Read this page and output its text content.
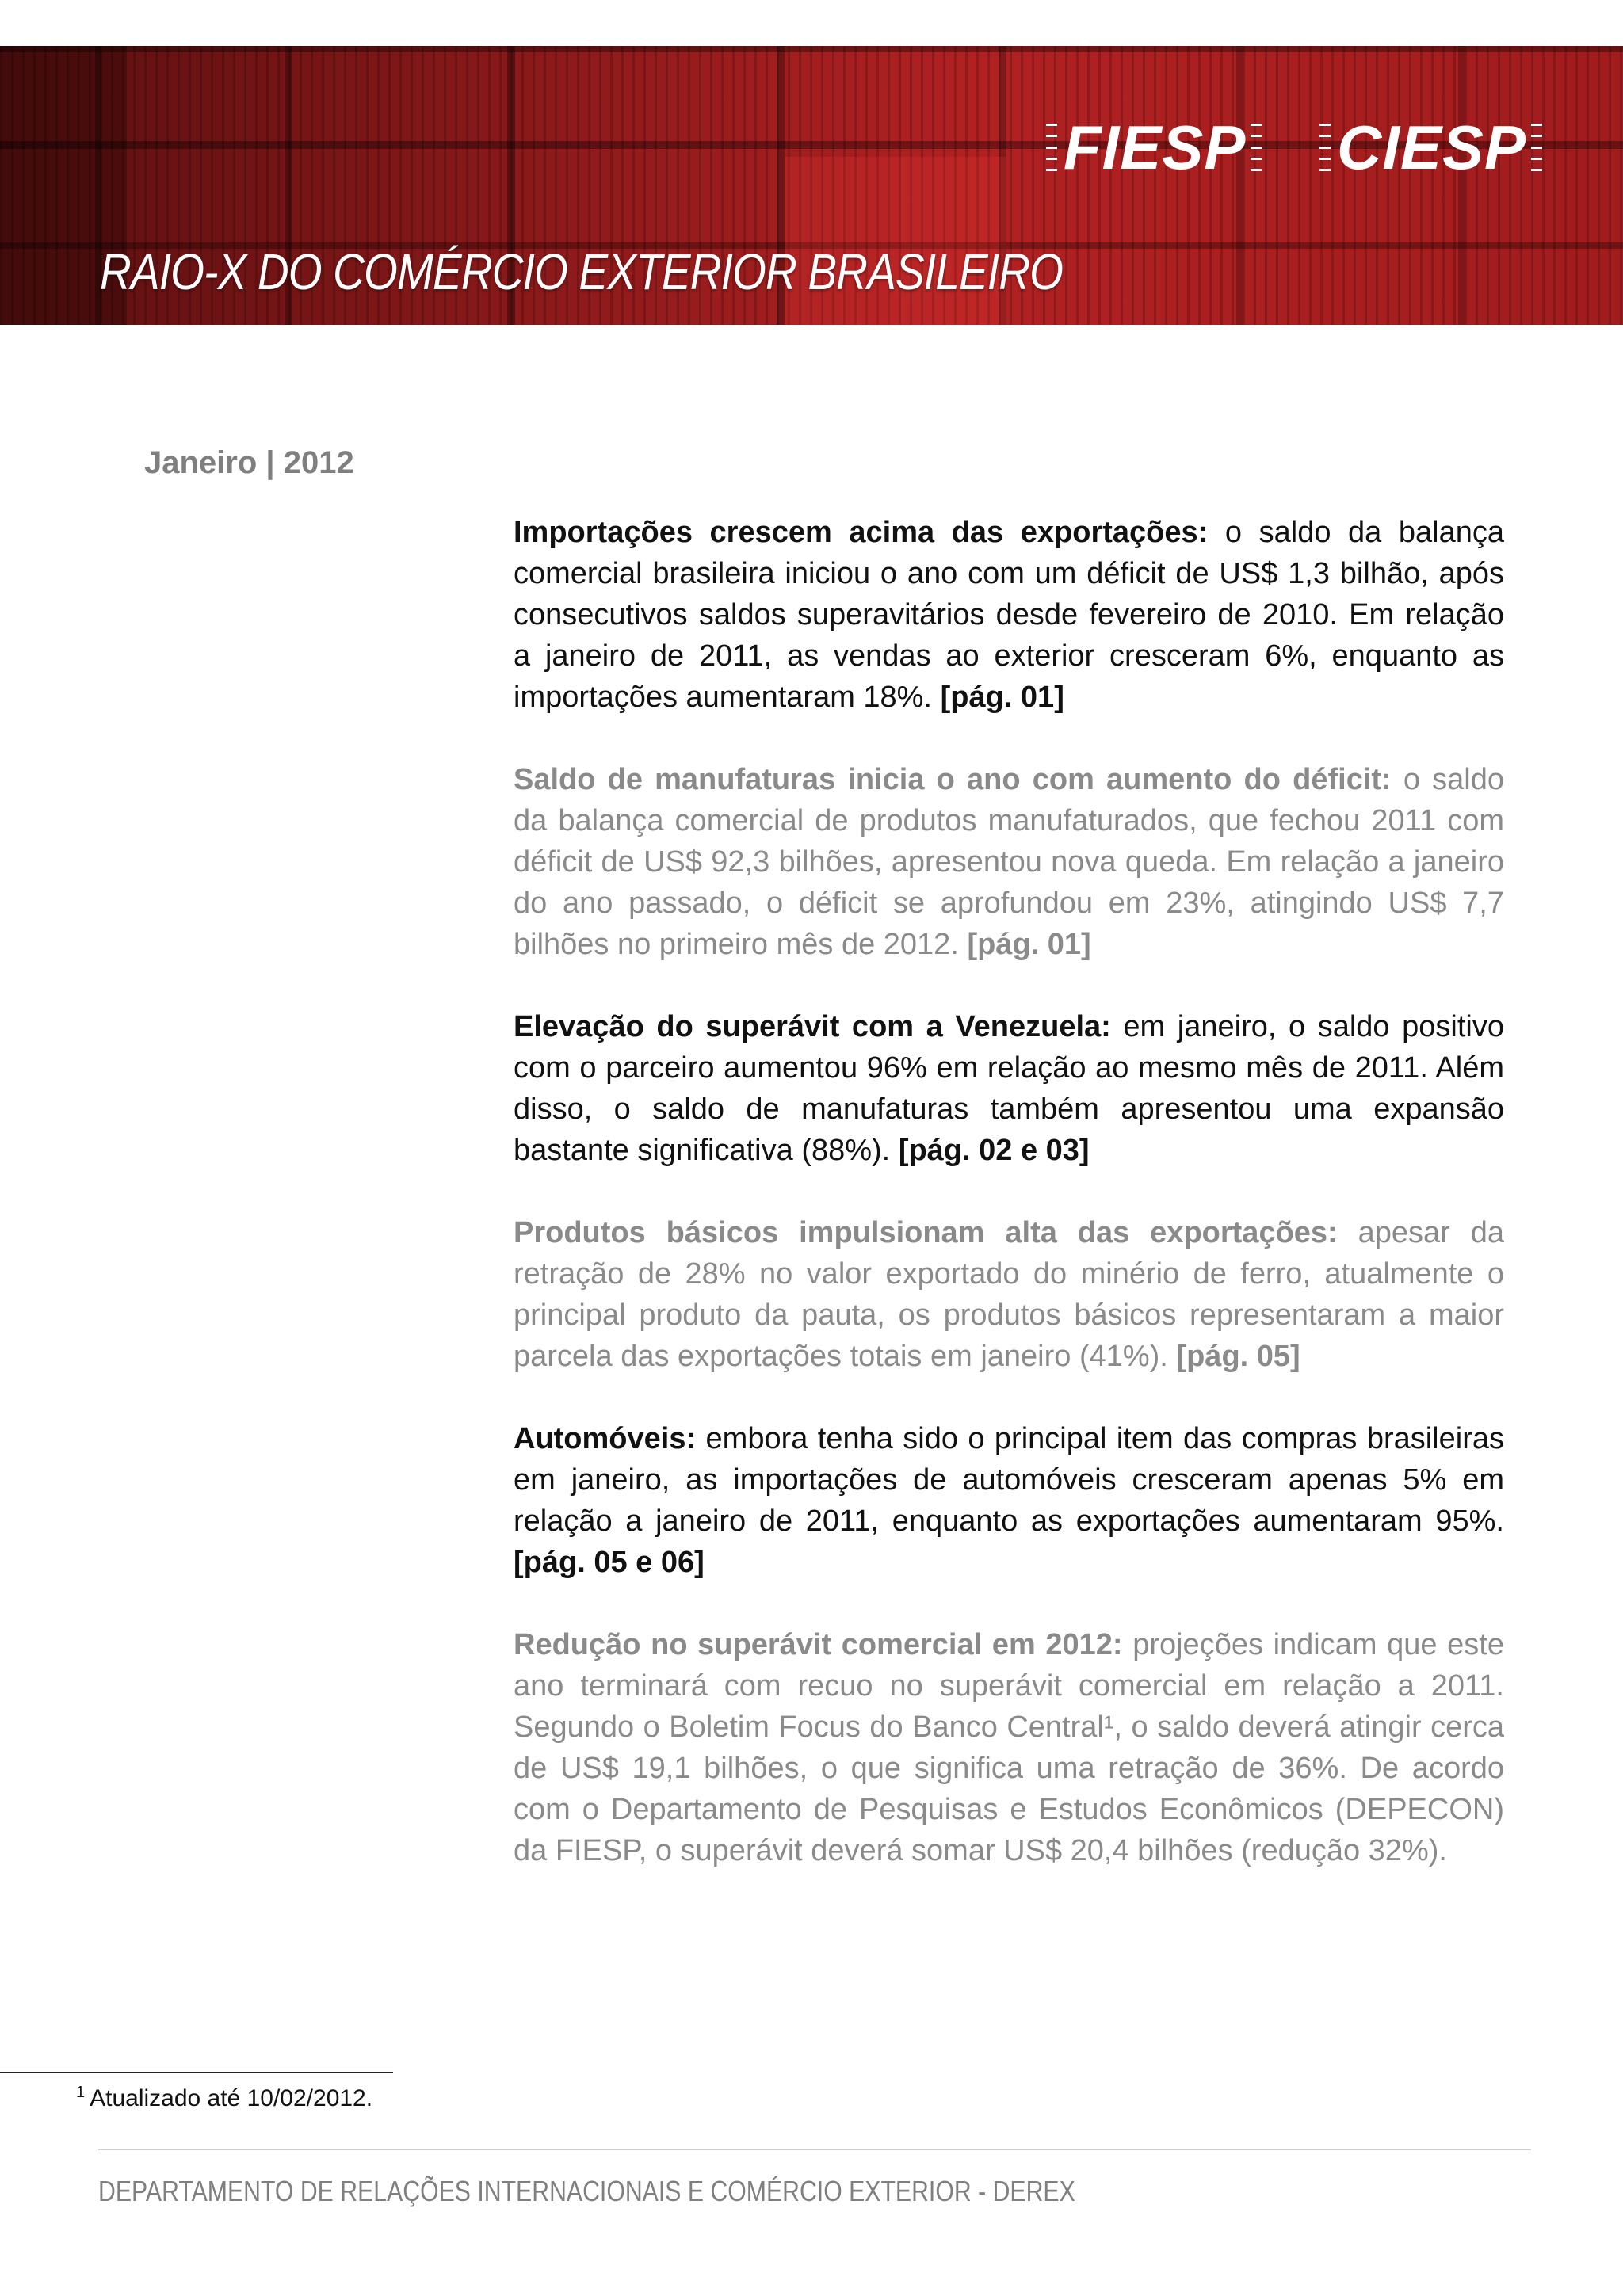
RAIO-X DO COMÉRCIO EXTERIOR BRASILEIRO
FIESP CIESP
Janeiro | 2012

Importações crescem acima das exportações: o saldo da balança comercial brasileira iniciou o ano com um déficit de US$ 1,3 bilhão, após consecutivos saldos superavitários desde fevereiro de 2010. Em relação a janeiro de 2011, as vendas ao exterior cresceram 6%, enquanto as importações aumentaram 18%. [pág. 01]

Saldo de manufaturas inicia o ano com aumento do déficit: o saldo da balança comercial de produtos manufaturados, que fechou 2011 com déficit de US$ 92,3 bilhões, apresentou nova queda. Em relação a janeiro do ano passado, o déficit se aprofundou em 23%, atingindo US$ 7,7 bilhões no primeiro mês de 2012. [pág. 01]

Elevação do superávit com a Venezuela: em janeiro, o saldo positivo com o parceiro aumentou 96% em relação ao mesmo mês de 2011. Além disso, o saldo de manufaturas também apresentou uma expansão bastante significativa (88%). [pág. 02 e 03]

Produtos básicos impulsionam alta das exportações: apesar da retração de 28% no valor exportado do minério de ferro, atualmente o principal produto da pauta, os produtos básicos representaram a maior parcela das exportações totais em janeiro (41%). [pág. 05]

Automóveis: embora tenha sido o principal item das compras brasileiras em janeiro, as importações de automóveis cresceram apenas 5% em relação a janeiro de 2011, enquanto as exportações aumentaram 95%. [pág. 05 e 06]

Redução no superávit comercial em 2012: projeções indicam que este ano terminará com recuo no superávit comercial em relação a 2011. Segundo o Boletim Focus do Banco Central¹, o saldo deverá atingir cerca de US$ 19,1 bilhões, o que significa uma retração de 36%. De acordo com o Departamento de Pesquisas e Estudos Econômicos (DEPECON) da FIESP, o superávit deverá somar US$ 20,4 bilhões (redução 32%).

$^1$ Atualizado até 10/02/2012.
DEPARTAMENTO DE RELAÇÕES INTERNACIONAIS E COMÉRCIO EXTERIOR - DEREX
